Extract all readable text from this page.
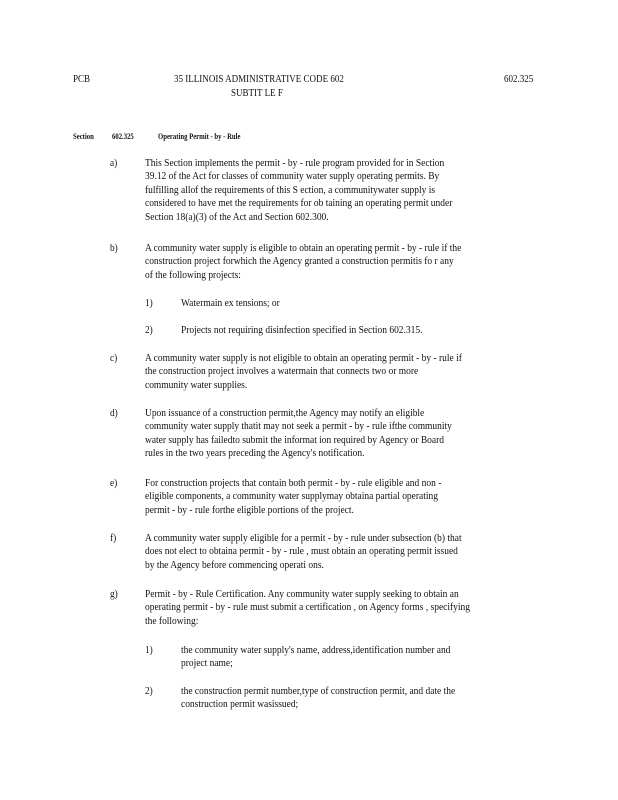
PCB	35 ILLINOIS ADMINISTRATIVE CODE 602
SUBTIT LE F
602.325
Section 602.325	Operating Permit - by - Rule
a)	This Section implements the permit - by - rule program provided for in Section
39.12 of the Act for classes of community water supply operating permits. By
fulfilling allof the requirements of this S ection, a communitywater supply is
considered to have met the requirements for ob taining an operating permit under
Section 18(a)(3) of the Act and Section 602.300.
b) A community water supply is eligible to obtain an operating permit - by - rule if the
construction project forwhich the Agency granted a construction permitis fo r any
of the following projects:
1)	Watermain ex tensions; or
2)	Projects not requiring disinfection specified in Section 602.315.
c)	A community water supply is not eligible to obtain an operating permit - by - rule if
the construction project involves a watermain that connects two or more
community water supplies.
d) Upon issuance of a construction permit,the Agency may notify an eligible
community water supply thatit may not seek a permit - by - rule ifthe community
water supply has failedto submit the informat ion required by Agency or Board
rules in the two years preceding the Agency's notification.
e)	For construction projects that contain both permit - by - rule eligible and non -
eligible components, a community water supplymay obtaina partial operating
permit - by - rule forthe eligible portions of the project.
f)	A community water supply eligible for a permit - by - rule under subsection (b) that
does not elect to obtaina permit - by - rule , must obtain an operating permit issued
by the Agency before commencing operati ons.
g) Permit - by - Rule Certification. Any community water supply seeking to obtain an
operating permit - by - rule must submit a certification , on Agency forms , specifying
the following:
1)	the community water supply's name, address,identification number and
project name;
2)	the construction permit number,type of construction permit, and date the
construction permit wasissued;
